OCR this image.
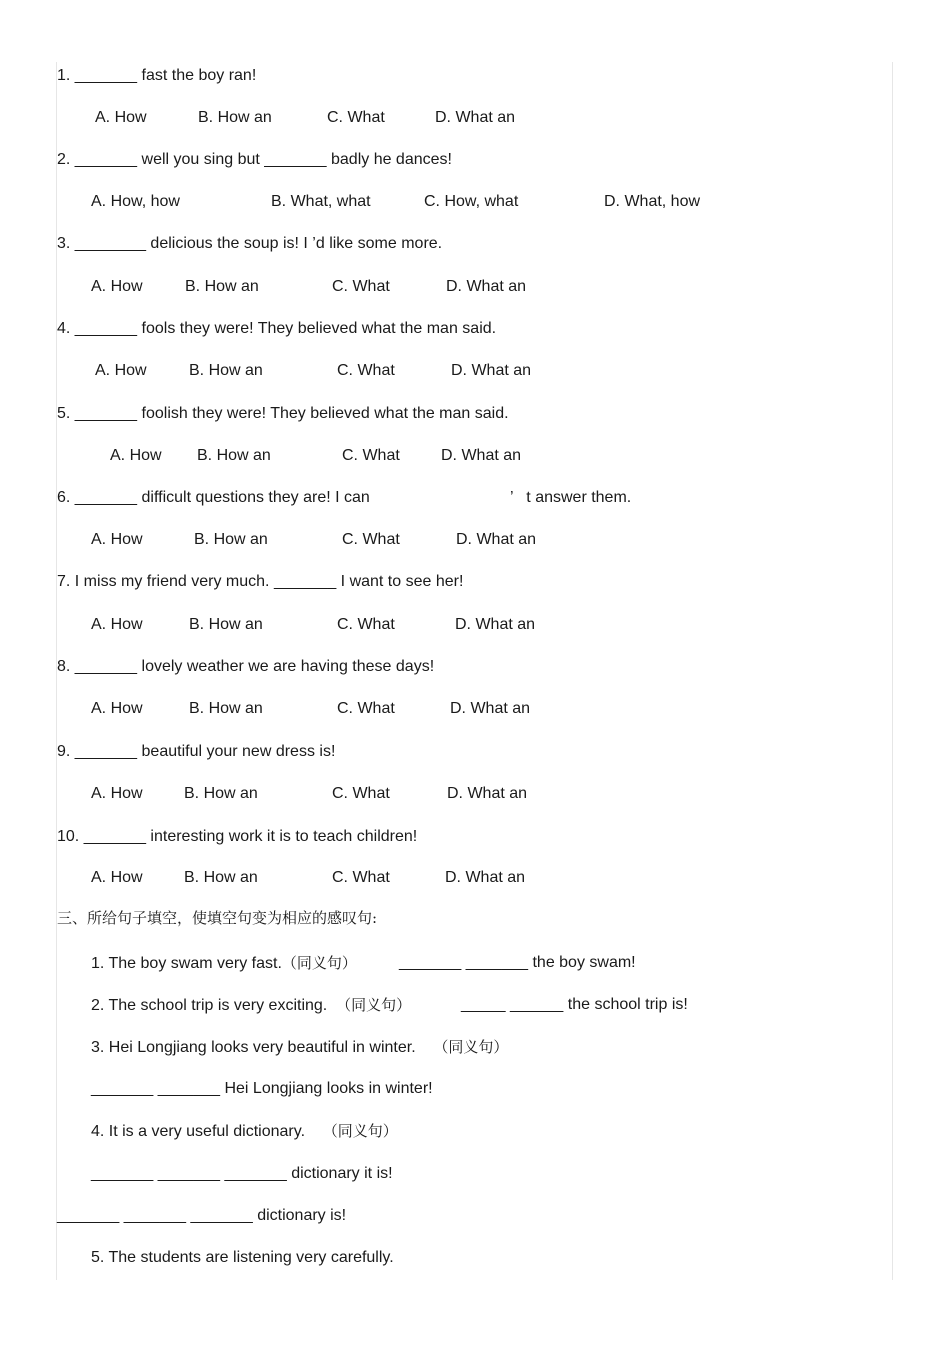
1. _______ fast the boy ran!
A. How	B. How an	C. What	D. What an
2. _______ well you sing but _______ badly he dances!
A. How, how	B. What, what	C. How, what	D. What, how
3. ________ delicious the soup is! I ’d like some more.
A. How	B. How an	C. What	D. What an
4. _______ fools they were! They believed what the man said.
A. How	B. How an	C. What	D. What an
5. _______ foolish they were! They believed what the man said.
A. How B. How an	C. What	D. What an
6. _______ difficult questions they are! I can	’   t answer them.
A. How	B. How an	C. What	D. What an
7. I miss my friend very much. _______ I want to see her!
A. How	B. How an	C. What	D. What an
8. _______ lovely weather we are having these days!
A. How	B. How an	C. What	D. What an
9. _______ beautiful your new dress is!
A. How	B. How an	C. What	D. What an
10. _______ interesting work it is to teach children!
A. How	B. How an	C. What	D. What an
三、所给句子填空，使填空句变为相应的感叹句:
1. The boy swam very fast.（同义句）	_______ _______ the boy swam!
2. The school trip is very exciting. （同义句）	_____ ______ the school trip is!
3. Hei Longjiang looks very beautiful in winter. （同义句）
_______ _______ Hei Longjiang looks in winter!
4. It is a very useful dictionary. （同义句）
_______ _______ _______ dictionary it is!
_______ _______ _______ dictionary is!
5. The students are listening very carefully.
